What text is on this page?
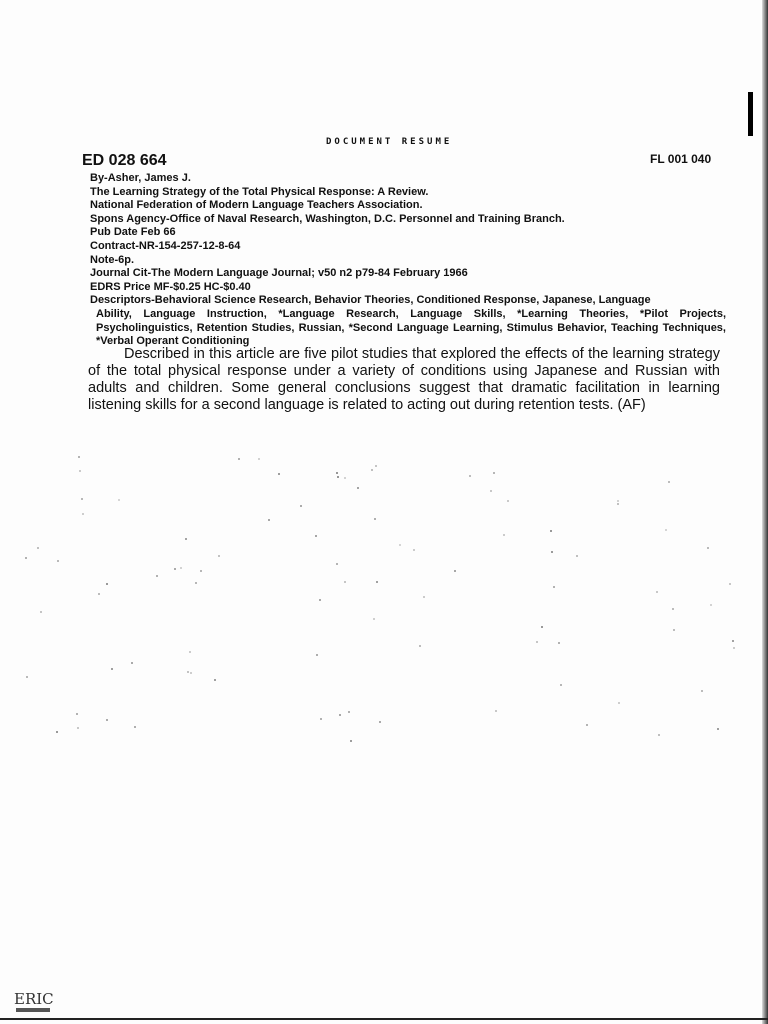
DOCUMENT RESUME
ED 028 664	FL 001 040
By-Asher, James J.
The Learning Strategy of the Total Physical Response: A Review.
National Federation of Modern Language Teachers Association.
Spons Agency-Office of Naval Research, Washington, D.C. Personnel and Training Branch.
Pub Date Feb 66
Contract-NR-154-257-12-8-64
Note-6p.
Journal Cit-The Modern Language Journal; v50 n2 p79-84 February 1966
EDRS Price MF-$0.25 HC-$0.40
Descriptors-Behavioral Science Research, Behavior Theories, Conditioned Response, Japanese, Language
Ability, Language Instruction, *Language Research, Language Skills, *Learning Theories, *Pilot Projects, Psycholinguistics, Retention Studies, Russian, *Second Language Learning, Stimulus Behavior, Teaching Techniques, *Verbal Operant Conditioning
Described in this article are five pilot studies that explored the effects of the learning strategy of the total physical response under a variety of conditions using Japanese and Russian with adults and children. Some general conclusions suggest that dramatic facilitation in learning listening skills for a second language is related to acting out during retention tests. (AF)
ERIC
